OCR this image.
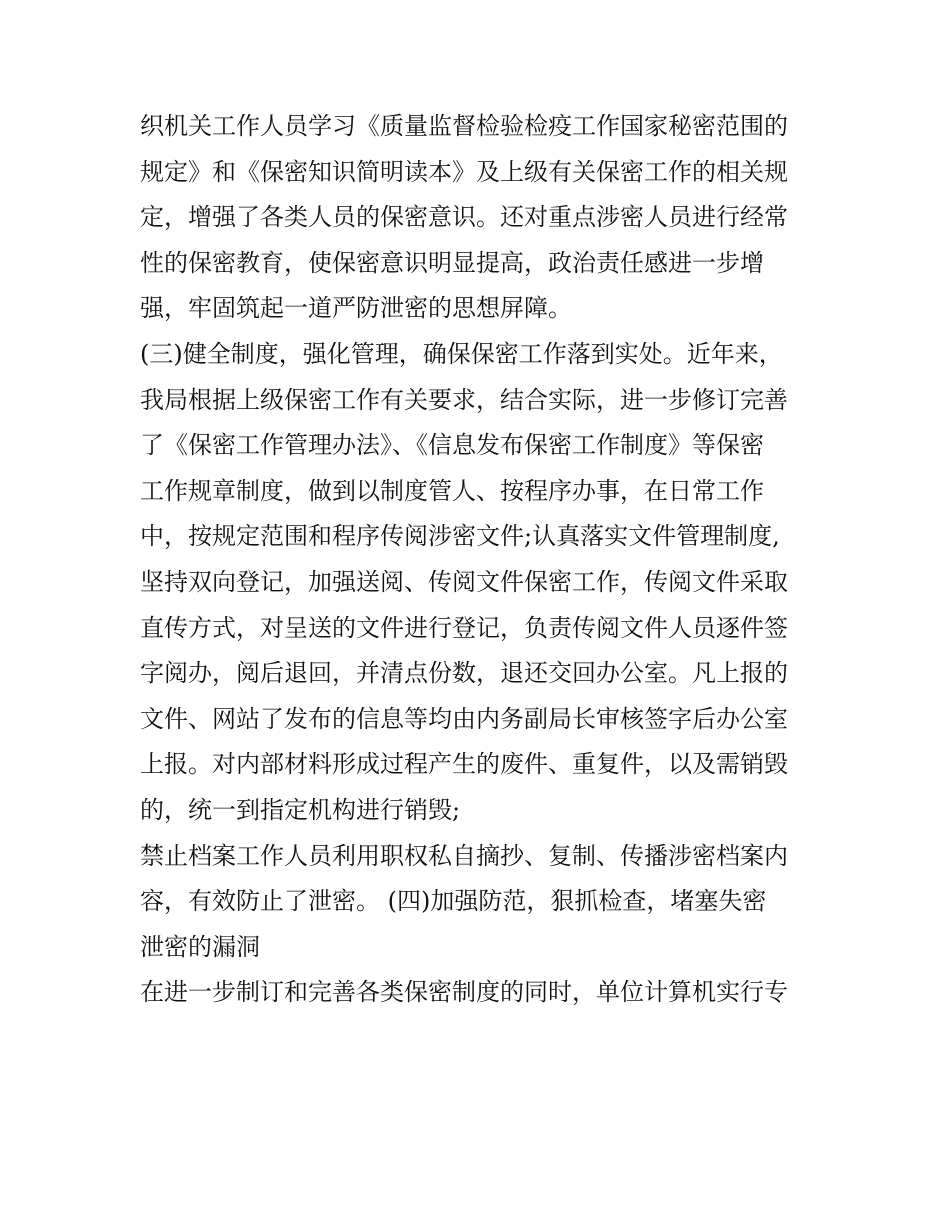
织机关工作人员学习《质量监督检验检疫工作国家秘密范围的
规定》和《保密知识简明读本》及上级有关保密工作的相关规
定，增强了各类人员的保密意识。还对重点涉密人员进行经常
性的保密教育，使保密意识明显提高，政治责任感进一步增
强，牢固筑起一道严防泄密的思想屏障。
(三)健全制度，强化管理，确保保密工作落到实处。近年来，
我局根据上级保密工作有关要求，结合实际，进一步修订完善
了《保密工作管理办法》、《信息发布保密工作制度》等保密
工作规章制度，做到以制度管人、按程序办事，在日常工作
中，按规定范围和程序传阅涉密文件;认真落实文件管理制度,
坚持双向登记，加强送阅、传阅文件保密工作，传阅文件采取
直传方式，对呈送的文件进行登记，负责传阅文件人员逐件签
字阅办，阅后退回，并清点份数，退还交回办公室。凡上报的
文件、网站了发布的信息等均由内务副局长审核签字后办公室
上报。对内部材料形成过程产生的废件、重复件，以及需销毁
的，统一到指定机构进行销毁;
禁止档案工作人员利用职权私自摘抄、复制、传播涉密档案内
容，有效防止了泄密。 (四)加强防范，狠抓检查，堵塞失密
泄密的漏洞
在进一步制订和完善各类保密制度的同时，单位计算机实行专
